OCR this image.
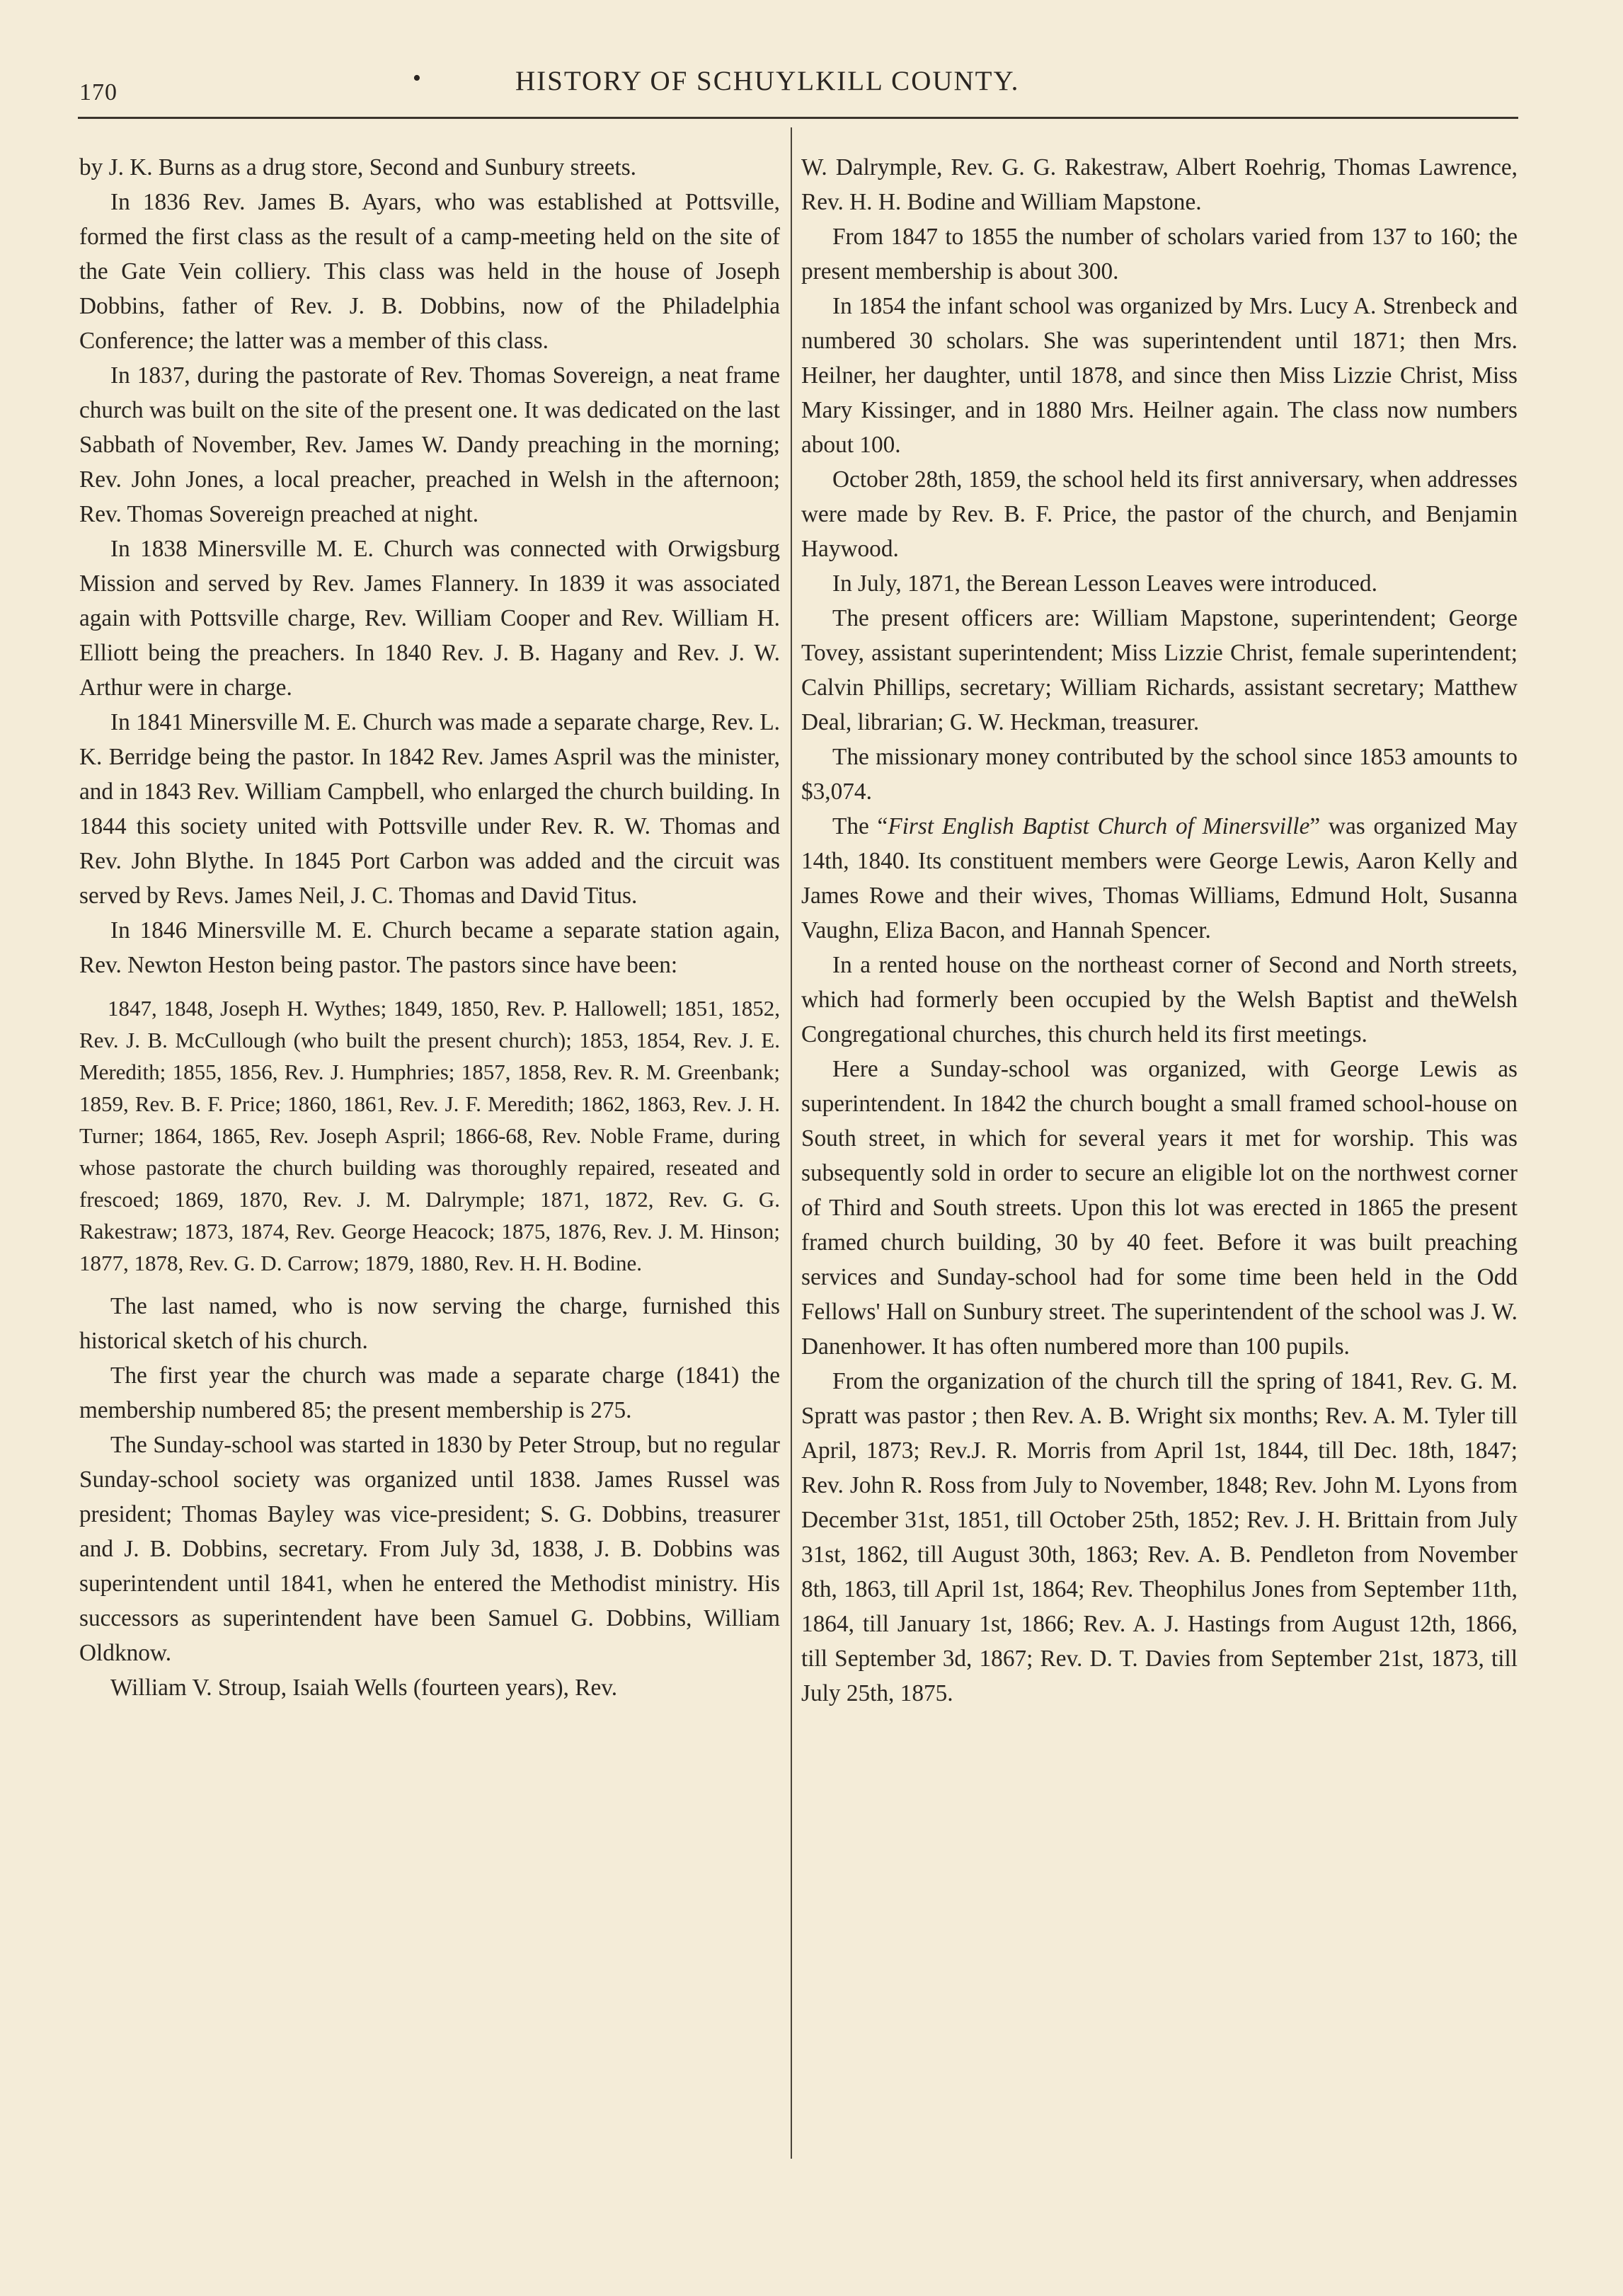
170
•	HISTORY OF SCHUYLKILL COUNTY.

by J. K. Burns as a drug store, Second and Sunbury streets.

In 1836 Rev. James B. Ayars, who was established at Pottsville, formed the first class as the result of a camp-meeting held on the site of the Gate Vein colliery. This class was held in the house of Joseph Dobbins, father of Rev. J. B. Dobbins, now of the Philadelphia Conference; the latter was a member of this class.

In 1837, during the pastorate of Rev. Thomas Sovereign, a neat frame church was built on the site of the present one. It was dedicated on the last Sabbath of November, Rev. James W. Dandy preaching in the morning; Rev. John Jones, a local preacher, preached in Welsh in the afternoon; Rev. Thomas Sovereign preached at night.

In 1838 Minersville M. E. Church was connected with Orwigsburg Mission and served by Rev. James Flannery. In 1839 it was associated again with Pottsville charge, Rev. William Cooper and Rev. William H. Elliott being the preachers. In 1840 Rev. J. B. Hagany and Rev. J. W. Arthur were in charge.

In 1841 Minersville M. E. Church was made a separate charge, Rev. L. K. Berridge being the pastor. In 1842 Rev. James Aspril was the minister, and in 1843 Rev. William Campbell, who enlarged the church building. In 1844 this society united with Pottsville under Rev. R. W. Thomas and Rev. John Blythe. In 1845 Port Carbon was added and the circuit was served by Revs. James Neil, J. C. Thomas and David Titus.

In 1846 Minersville M. E. Church became a separate station again, Rev. Newton Heston being pastor. The pastors since have been:

1847, 1848, Joseph H. Wythes; 1849, 1850, Rev. P. Hallowell; 1851, 1852, Rev. J. B. McCullough (who built the present church); 1853, 1854, Rev. J. E. Meredith; 1855, 1856, Rev. J. Humphries; 1857, 1858, Rev. R. M. Greenbank; 1859, Rev. B. F. Price; 1860, 1861, Rev. J. F. Meredith; 1862, 1863, Rev. J. H. Turner; 1864, 1865, Rev. Joseph Aspril; 1866-68, Rev. Noble Frame, during whose pastorate the church building was thoroughly repaired, reseated and frescoed; 1869, 1870, Rev. J. M. Dalrymple; 1871, 1872, Rev. G. G. Rakestraw; 1873, 1874, Rev. George Heacock; 1875, 1876, Rev. J. M. Hinson; 1877, 1878, Rev. G. D. Carrow; 1879, 1880, Rev. H. H. Bodine.

The last named, who is now serving the charge, furnished this historical sketch of his church.

The first year the church was made a separate charge (1841) the membership numbered 85; the present membership is 275.

The Sunday-school was started in 1830 by Peter Stroup, but no regular Sunday-school society was organized until 1838. James Russel was president; Thomas Bayley was vice-president; S. G. Dobbins, treasurer and J. B. Dobbins, secretary. From July 3d, 1838, J. B. Dobbins was superintendent until 1841, when he entered the Methodist ministry. His successors as superintendent have been Samuel G. Dobbins, William Oldknow.

William V. Stroup, Isaiah Wells (fourteen years), Rev.

W. Dalrymple, Rev. G. G. Rakestraw, Albert Roehrig, Thomas Lawrence, Rev. H. H. Bodine and William Mapstone.

From 1847 to 1855 the number of scholars varied from 137 to 160; the present membership is about 300.

In 1854 the infant school was organized by Mrs. Lucy A. Strenbeck and numbered 30 scholars. She was superintendent until 1871; then Mrs. Heilner, her daughter, until 1878, and since then Miss Lizzie Christ, Miss Mary Kissinger, and in 1880 Mrs. Heilner again. The class now numbers about 100.

October 28th, 1859, the school held its first anniversary, when addresses were made by Rev. B. F. Price, the pastor of the church, and Benjamin Haywood.

In July, 1871, the Berean Lesson Leaves were introduced.

The present officers are: William Mapstone, superintendent; George Tovey, assistant superintendent; Miss Lizzie Christ, female superintendent; Calvin Phillips, secretary; William Richards, assistant secretary; Matthew Deal, librarian; G. W. Heckman, treasurer.

The missionary money contributed by the school since 1853 amounts to $3,074.

The “First English Baptist Church of Minersville” was organized May 14th, 1840. Its constituent members were George Lewis, Aaron Kelly and James Rowe and their wives, Thomas Williams, Edmund Holt, Susanna Vaughn, Eliza Bacon, and Hannah Spencer.

In a rented house on the northeast corner of Second and North streets, which had formerly been occupied by the Welsh Baptist and theWelsh Congregational churches, this church held its first meetings.

Here a Sunday-school was organized, with George Lewis as superintendent. In 1842 the church bought a small framed school-house on South street, in which for several years it met for worship. This was subsequently sold in order to secure an eligible lot on the northwest corner of Third and South streets. Upon this lot was erected in 1865 the present framed church building, 30 by 40 feet. Before it was built preaching services and Sunday-school had for some time been held in the Odd Fellows' Hall on Sunbury street. The superintendent of the school was J. W. Danenhower. It has often numbered more than 100 pupils.

From the organization of the church till the spring of 1841, Rev. G. M. Spratt was pastor ; then Rev. A. B. Wright six months; Rev. A. M. Tyler till April, 1873; Rev.J. R. Morris from April 1st, 1844, till Dec. 18th, 1847; Rev. John R. Ross from July to November, 1848; Rev. John M. Lyons from December 31st, 1851, till October 25th, 1852; Rev. J. H. Brittain from July 31st, 1862, till August 30th, 1863; Rev. A. B. Pendleton from November 8th, 1863, till April 1st, 1864; Rev. Theophilus Jones from September 11th, 1864, till January 1st, 1866; Rev. A. J. Hastings from August 12th, 1866, till September 3d, 1867; Rev. D. T. Davies from September 21st, 1873, till July 25th, 1875.
